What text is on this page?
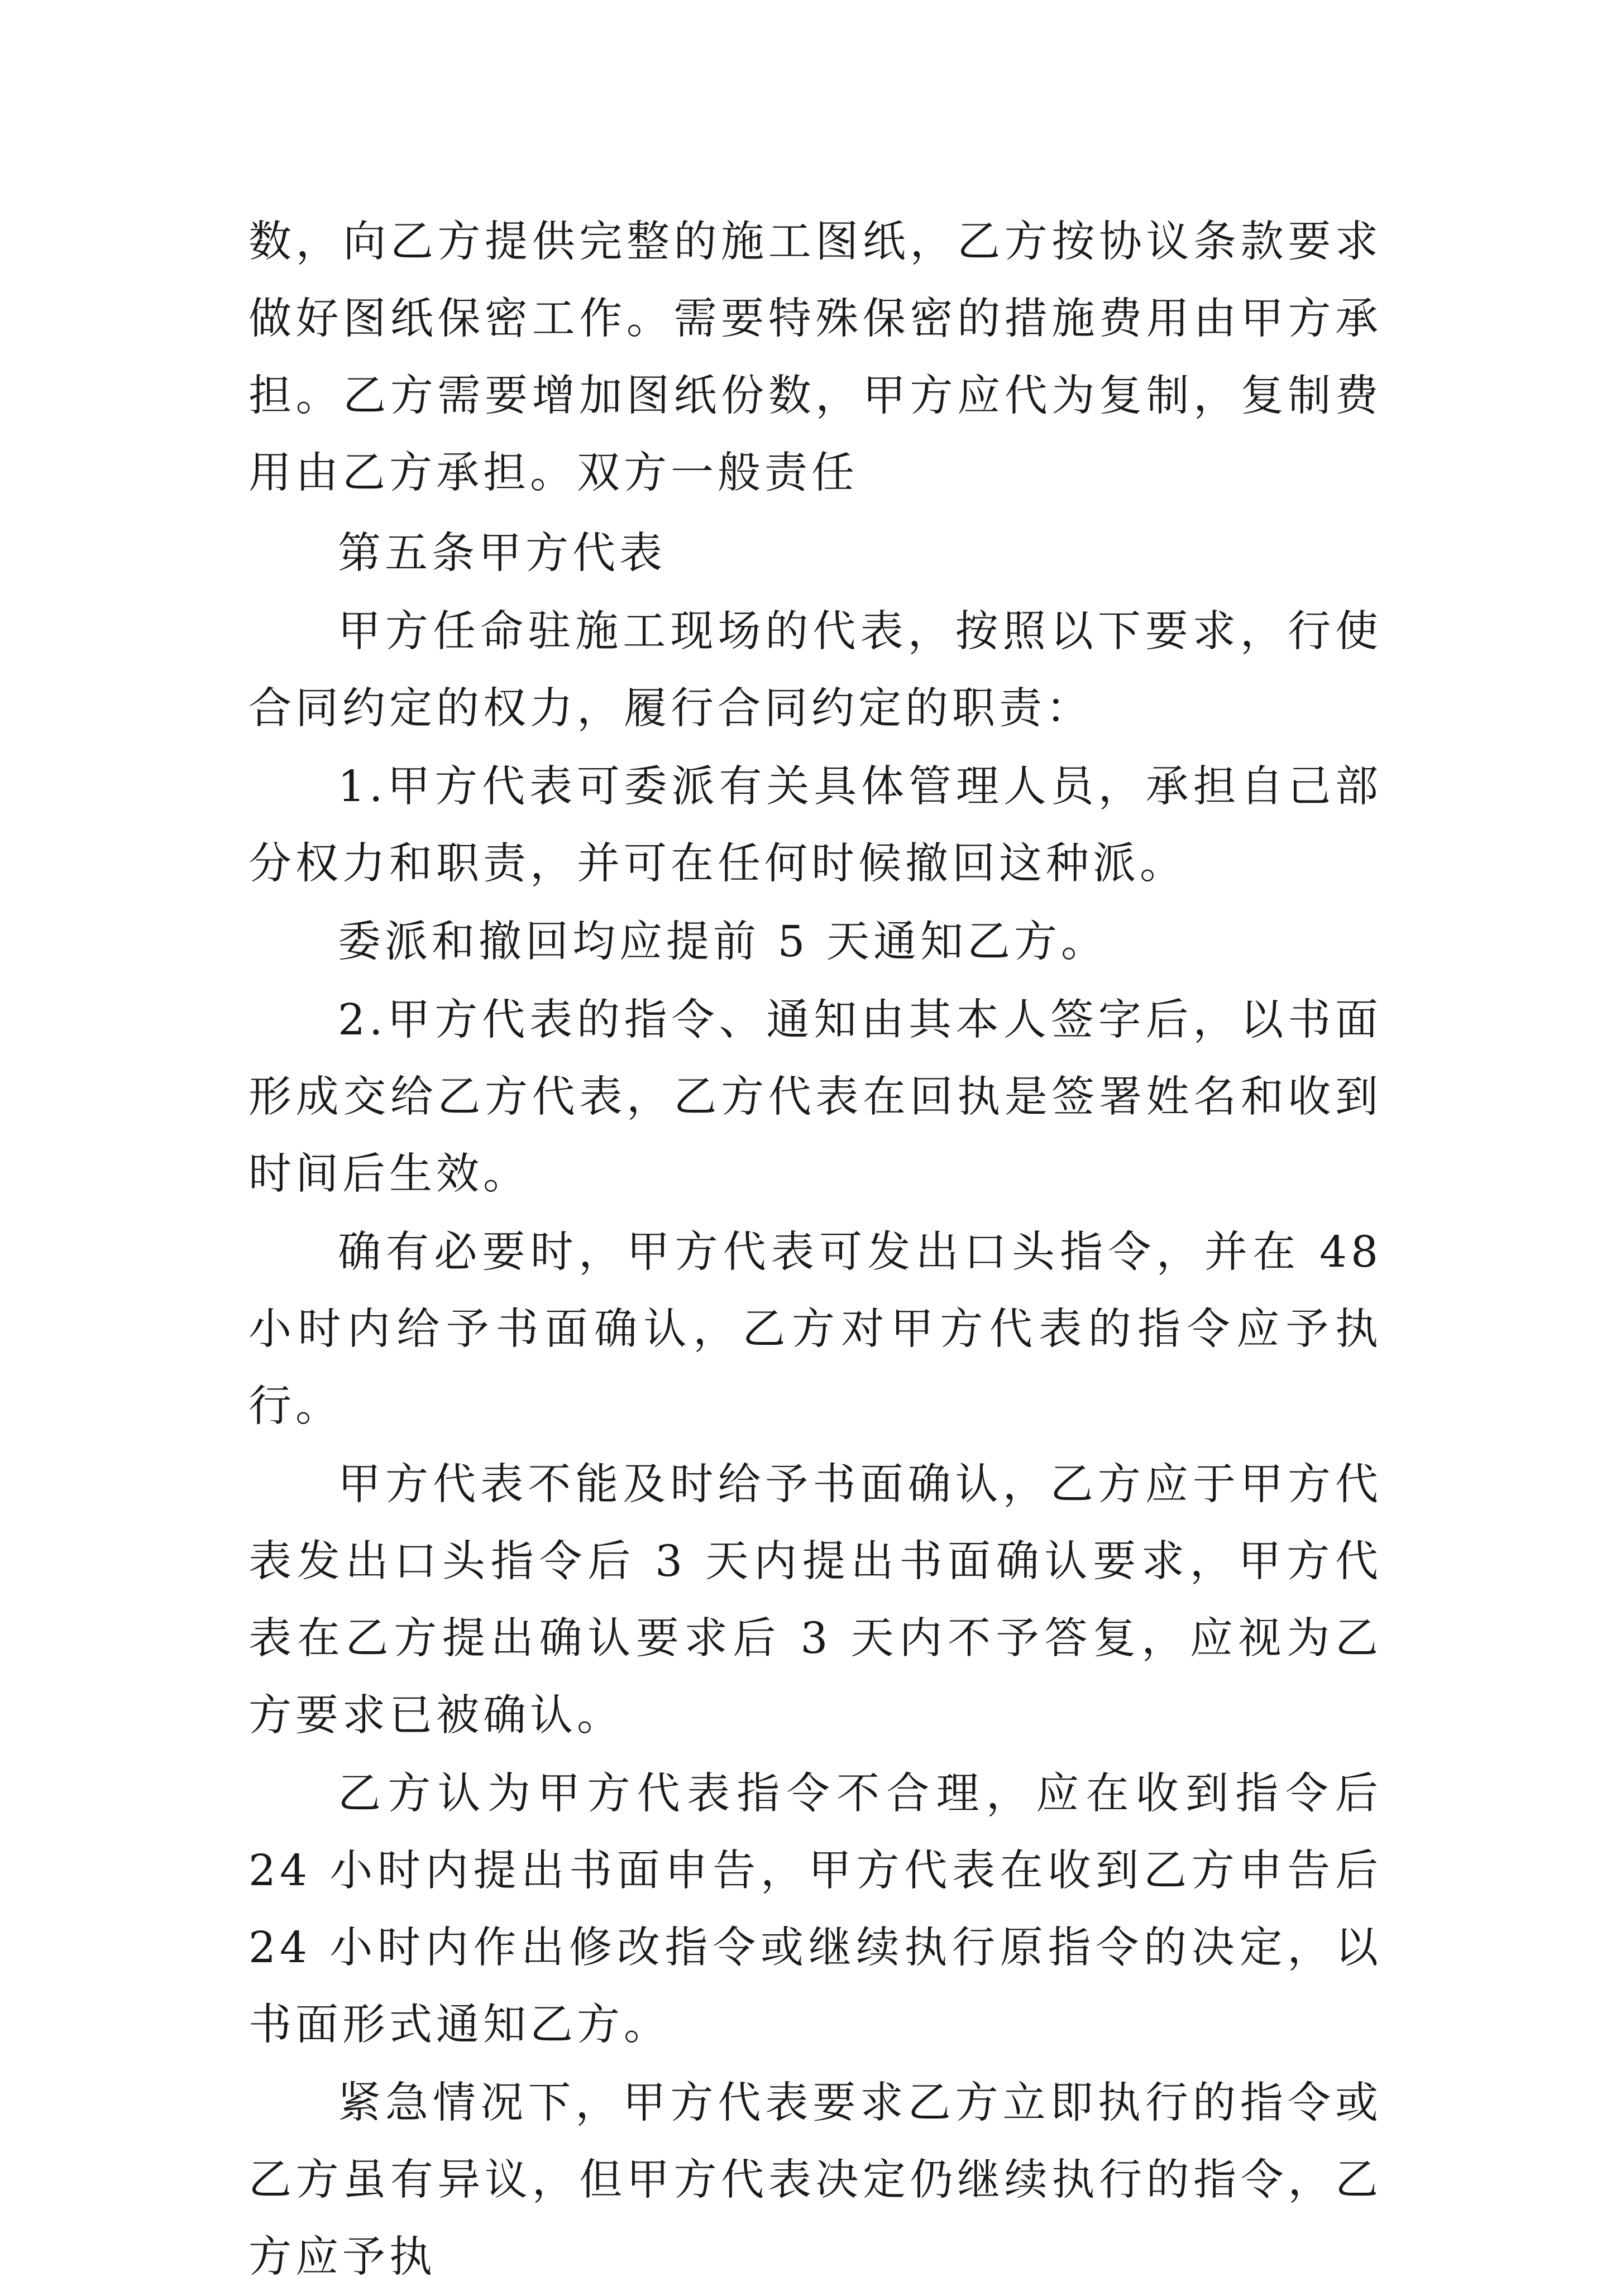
数，向乙方提供完整的施工图纸，乙方按协议条款要求做好图纸保密工作。需要特殊保密的措施费用由甲方承担。乙方需要增加图纸份数，甲方应代为复制，复制费用由乙方承担。双方一般责任

第五条甲方代表

甲方任命驻施工现场的代表，按照以下要求，行使合同约定的权力，履行合同约定的职责：

1.甲方代表可委派有关具体管理人员，承担自己部分权力和职责，并可在任何时候撤回这种派。

委派和撤回均应提前 5 天通知乙方。

2.甲方代表的指令、通知由其本人签字后，以书面形成交给乙方代表，乙方代表在回执是签署姓名和收到时间后生效。

确有必要时，甲方代表可发出口头指令，并在 48 小时内给予书面确认，乙方对甲方代表的指令应予执行。

甲方代表不能及时给予书面确认，乙方应于甲方代表发出口头指令后 3 天内提出书面确认要求，甲方代表在乙方提出确认要求后 3 天内不予答复，应视为乙方要求已被确认。

乙方认为甲方代表指令不合理，应在收到指令后 24 小时内提出书面申告，甲方代表在收到乙方申告后 24 小时内作出修改指令或继续执行原指令的决定，以书面形式通知乙方。

紧急情况下，甲方代表要求乙方立即执行的指令或乙方虽有异议，但甲方代表决定仍继续执行的指令，乙方应予执
